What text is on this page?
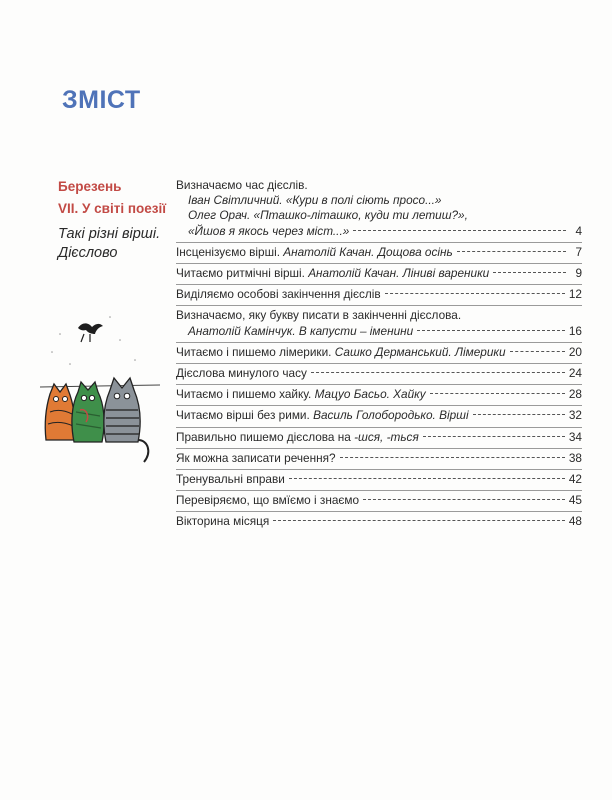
ЗМІСТ
Березень
VII. У світі поезії
Такі різні вірші. Дієслово
Визначаємо час дієслів.
Іван Світличний. «Кури в полі сіють просо...»
Олег Орач. «Пташко-літашко, куди ти летиш?»,
«Йшов я якось через міст...»	4
Інсценізуємо вірші. Анатолій Качан. Дощова осінь	7
Читаємо ритмічні вірші. Анатолій Качан. Ліниві вареники	9
Виділяємо особові закінчення дієслів	12
Визначаємо, яку букву писати в закінченні дієслова.
Анатолій Камінчук. В капусти – іменини	16
Читаємо і пишемо лімерики. Сашко Дерманський. Лімерики	20
Дієслова минулого часу	24
Читаємо і пишемо хайку. Мацуо Басьо. Хайку	28
Читаємо вірші без рими. Василь Голобородько. Вірші	32
Правильно пишемо дієслова на -шся, -ться	34
Як можна записати речення?	38
Тренувальні вправи	42
Перевіряємо, що вмїємо і знаємо	45
Вікторина місяця	48
